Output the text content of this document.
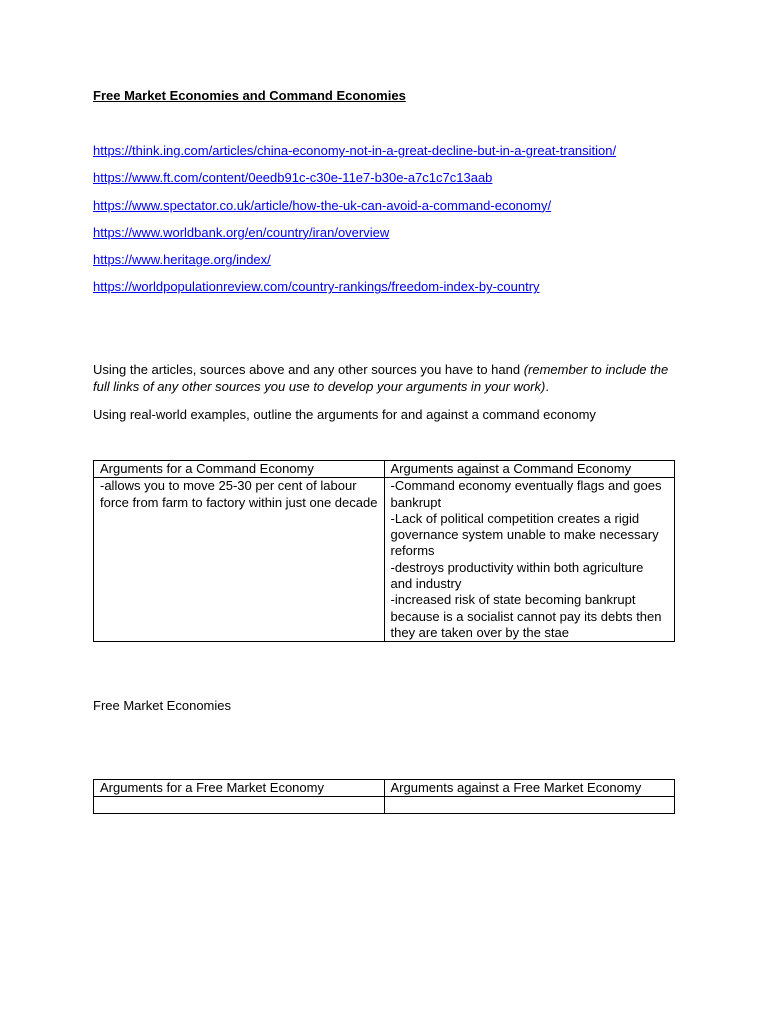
Free Market Economies and Command Economies
https://think.ing.com/articles/china-economy-not-in-a-great-decline-but-in-a-great-transition/
https://www.ft.com/content/0eedb91c-c30e-11e7-b30e-a7c1c7c13aab
https://www.spectator.co.uk/article/how-the-uk-can-avoid-a-command-economy/
https://www.worldbank.org/en/country/iran/overview
https://www.heritage.org/index/
https://worldpopulationreview.com/country-rankings/freedom-index-by-country

Using the articles, sources above and any other sources you have to hand (remember to include the full links of any other sources you use to develop your arguments in your work).

Using real-world examples, outline the arguments for and against a command economy

Arguments for a Command Economy	Arguments against a Command Economy

-allows you to move 25-30 per cent of labour force from farm to factory within just one decade	-Command economy eventually flags and goes bankrupt
-Lack of political competition creates a rigid governance system unable to make necessary reforms
-destroys productivity within both agriculture and industry
-increased risk of state becoming bankrupt because is a socialist cannot pay its debts then they are taken over by the stae
Free Market Economies
Arguments for a Free Market Economy	Arguments against a Free Market Economy
